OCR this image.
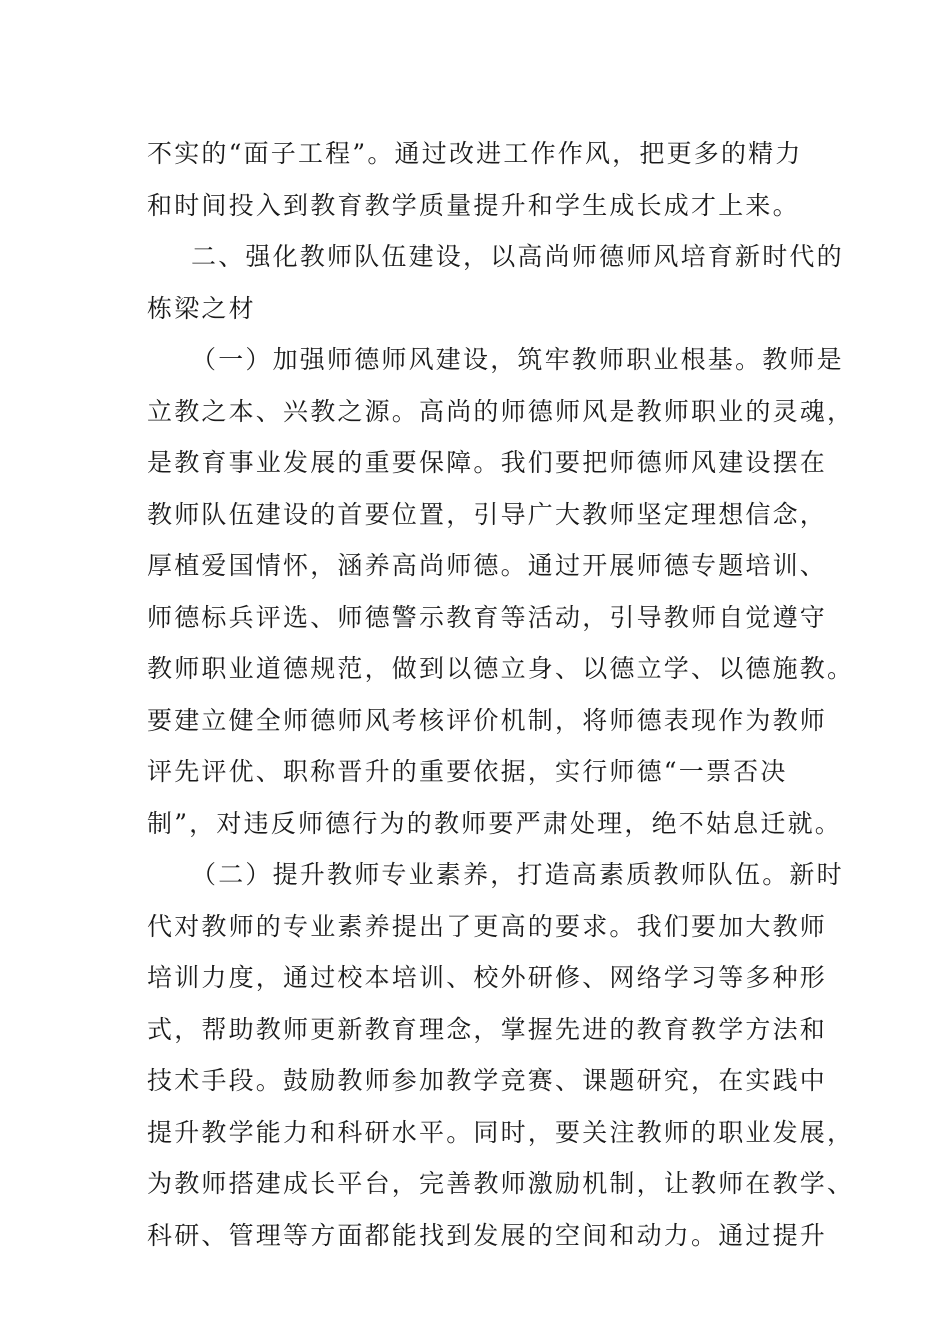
不实的“面子工程”。通过改进工作作风，把更多的精力
和时间投入到教育教学质量提升和学生成长成才上来。
二、强化教师队伍建设，以高尚师德师风培育新时代的
栋梁之材
（一）加强师德师风建设，筑牢教师职业根基。教师是
立教之本、兴教之源。高尚的师德师风是教师职业的灵魂，
是教育事业发展的重要保障。我们要把师德师风建设摆在
教师队伍建设的首要位置，引导广大教师坚定理想信念，
厚植爱国情怀，涵养高尚师德。通过开展师德专题培训、
师德标兵评选、师德警示教育等活动，引导教师自觉遵守
教师职业道德规范，做到以德立身、以德立学、以德施教。
要建立健全师德师风考核评价机制，将师德表现作为教师
评先评优、职称晋升的重要依据，实行师德“一票否决
制”，对违反师德行为的教师要严肃处理，绝不姑息迁就。
（二）提升教师专业素养，打造高素质教师队伍。新时
代对教师的专业素养提出了更高的要求。我们要加大教师
培训力度，通过校本培训、校外研修、网络学习等多种形
式，帮助教师更新教育理念，掌握先进的教育教学方法和
技术手段。鼓励教师参加教学竞赛、课题研究，在实践中
提升教学能力和科研水平。同时，要关注教师的职业发展，
为教师搭建成长平台，完善教师激励机制，让教师在教学、
科研、管理等方面都能找到发展的空间和动力。通过提升
